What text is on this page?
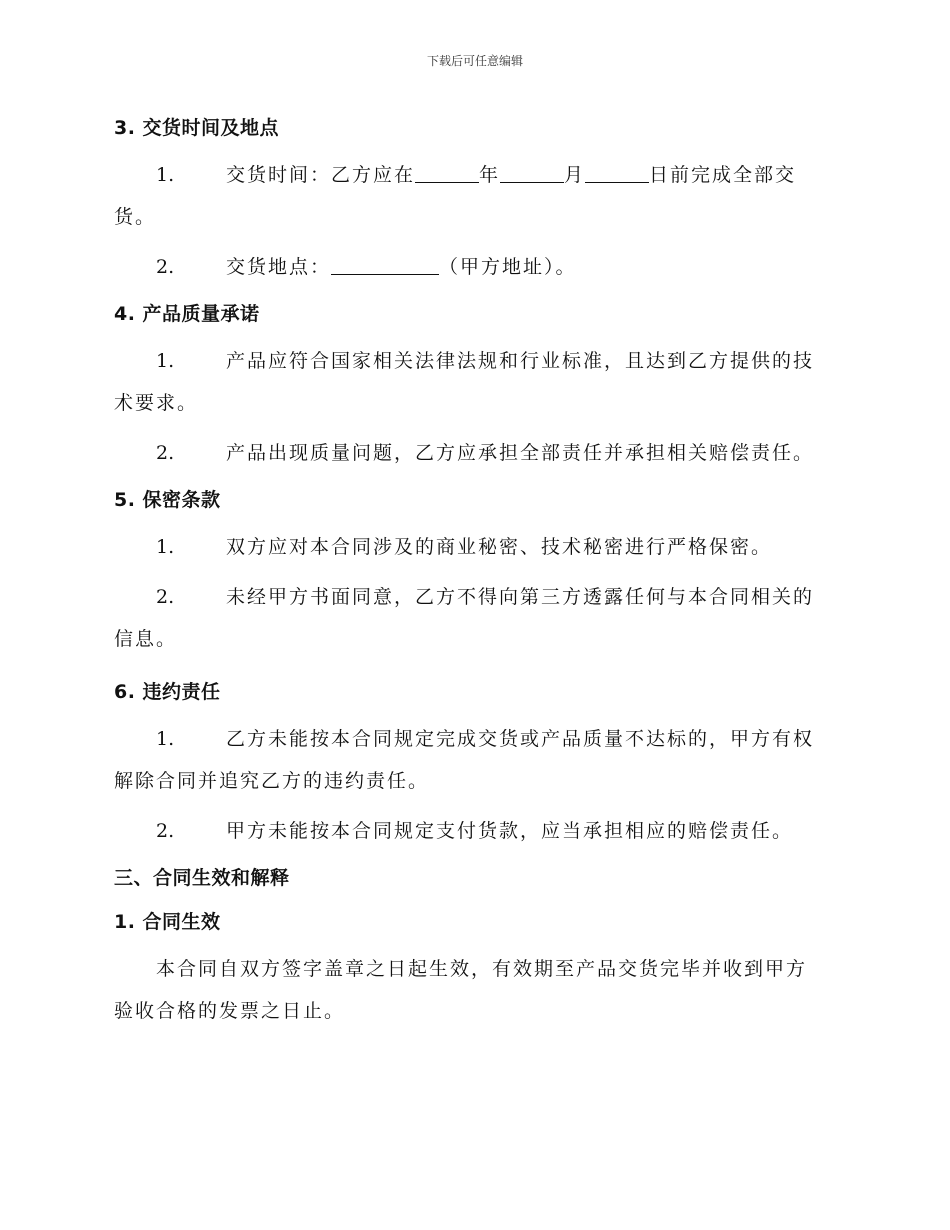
下载后可任意编辑
3. 交货时间及地点
1.	交货时间：乙方应在	年	月	日前完成全部交
货。
2.	交货地点：	（甲方地址）。
4. 产品质量承诺
1.	产品应符合国家相关法律法规和行业标准，且达到乙方提供的技
术要求。
2.	产品出现质量问题，乙方应承担全部责任并承担相关赔偿责任。
5. 保密条款
1.	双方应对本合同涉及的商业秘密、技术秘密进行严格保密。
2.	未经甲方书面同意，乙方不得向第三方透露任何与本合同相关的
信息。
6. 违约责任
1.	乙方未能按本合同规定完成交货或产品质量不达标的，甲方有权
解除合同并追究乙方的违约责任。
2.	甲方未能按本合同规定支付货款，应当承担相应的赔偿责任。
三、合同生效和解释
1. 合同生效
本合同自双方签字盖章之日起生效，有效期至产品交货完毕并收到甲方
验收合格的发票之日止。
